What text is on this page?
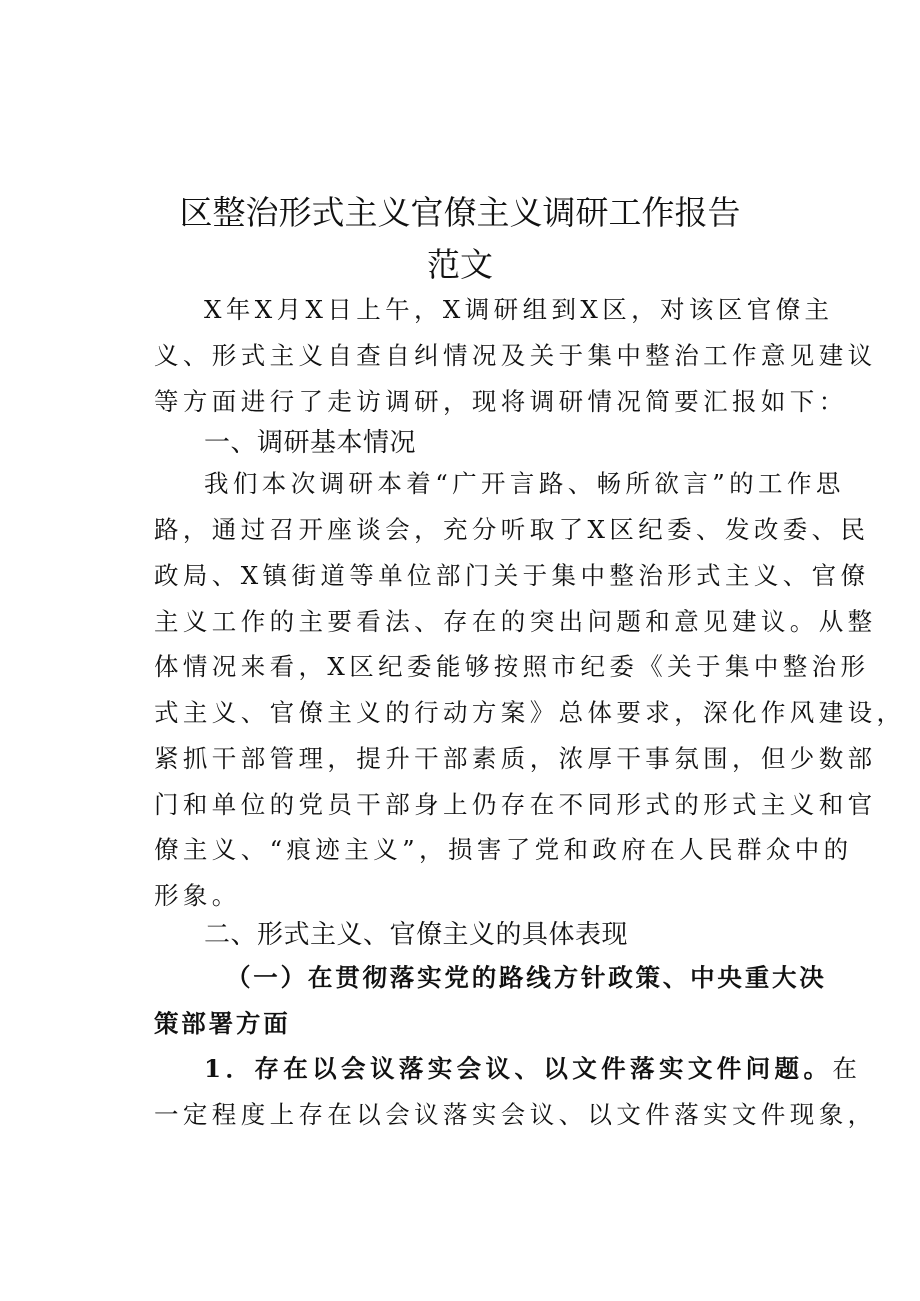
区整治形式主义官僚主义调研工作报告
范文
X年X月X日上午，X调研组到X区，对该区官僚主
义、形式主义自查自纠情况及关于集中整治工作意见建议
等方面进行了走访调研，现将调研情况简要汇报如下：
一、调研基本情况
我们本次调研本着“广开言路、畅所欲言”的工作思
路，通过召开座谈会，充分听取了X区纪委、发改委、民
政局、X镇街道等单位部门关于集中整治形式主义、官僚
主义工作的主要看法、存在的突出问题和意见建议。从整
体情况来看，X区纪委能够按照市纪委《关于集中整治形
式主义、官僚主义的行动方案》总体要求，深化作风建设，
紧抓干部管理，提升干部素质，浓厚干事氛围，但少数部
门和单位的党员干部身上仍存在不同形式的形式主义和官
僚主义、“痕迹主义”，损害了党和政府在人民群众中的
形象。
二、形式主义、官僚主义的具体表现
（一）在贯彻落实党的路线方针政策、中央重大决
策部署方面
1．存在以会议落实会议、以文件落实文件问题。在
一定程度上存在以会议落实会议、以文件落实文件现象，
